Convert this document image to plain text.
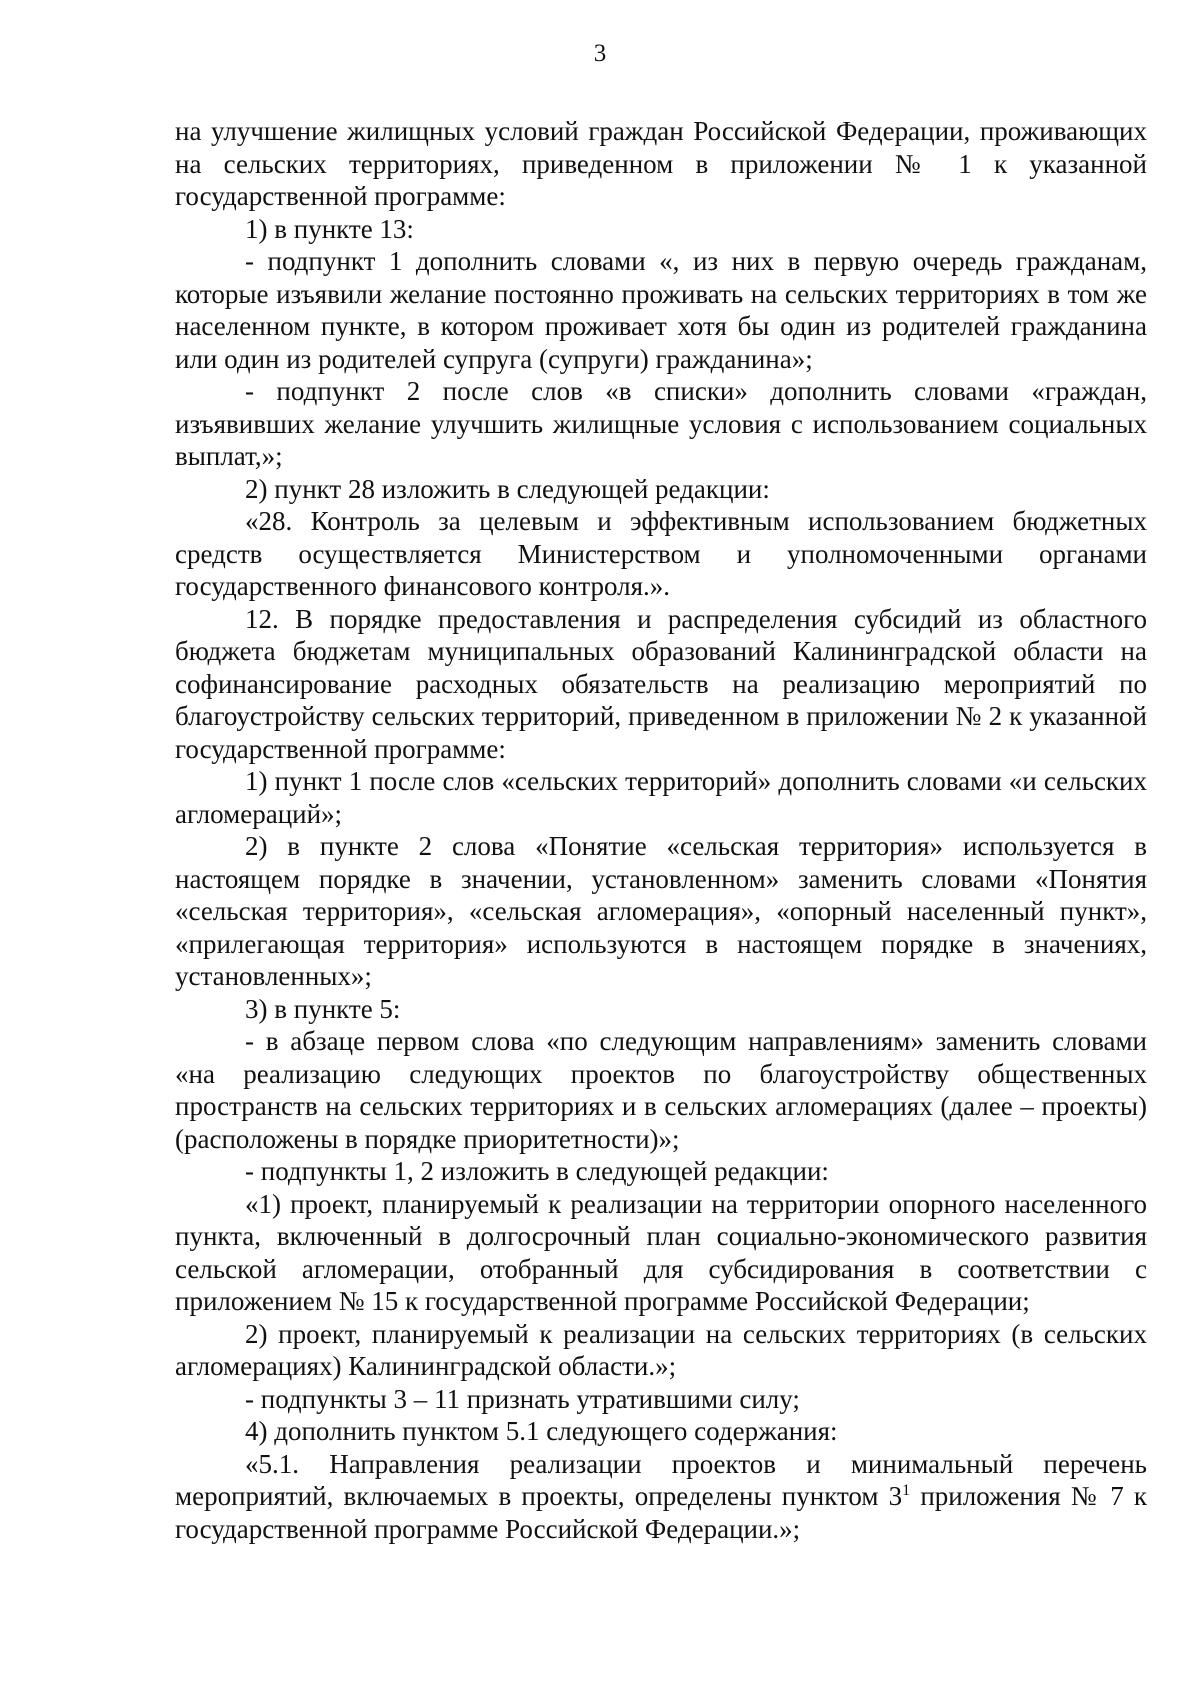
3

на улучшение жилищных условий граждан Российской Федерации, проживающих на сельских территориях, приведенном в приложении № 1 к указанной государственной программе:

1) в пункте 13:

- подпункт 1 дополнить словами «, из них в первую очередь гражданам, которые изъявили желание постоянно проживать на сельских территориях в том же населенном пункте, в котором проживает хотя бы один из родителей гражданина или один из родителей супруга (супруги) гражданина»;

- подпункт 2 после слов «в списки» дополнить словами «граждан, изъявивших желание улучшить жилищные условия с использованием социальных выплат,»;

2) пункт 28 изложить в следующей редакции:

«28. Контроль за целевым и эффективным использованием бюджетных средств осуществляется Министерством и уполномоченными органами государственного финансового контроля.».

12. В порядке предоставления и распределения субсидий из областного бюджета бюджетам муниципальных образований Калининградской области на софинансирование расходных обязательств на реализацию мероприятий по благоустройству сельских территорий, приведенном в приложении № 2 к указанной государственной программе:

1) пункт 1 после слов «сельских территорий» дополнить словами «и сельских агломераций»;

2) в пункте 2 слова «Понятие «сельская территория» используется в настоящем порядке в значении, установленном» заменить словами «Понятия «сельская территория», «сельская агломерация», «опорный населенный пункт», «прилегающая территория» используются в настоящем порядке в значениях, установленных»;

3) в пункте 5:

- в абзаце первом слова «по следующим направлениям» заменить словами «на реализацию следующих проектов по благоустройству общественных пространств на сельских территориях и в сельских агломерациях (далее – проекты) (расположены в порядке приоритетности)»;

- подпункты 1, 2 изложить в следующей редакции:

«1) проект, планируемый к реализации на территории опорного населенного пункта, включенный в долгосрочный план социально-экономического развития сельской агломерации, отобранный для субсидирования в соответствии с приложением № 15 к государственной программе Российской Федерации;

2) проект, планируемый к реализации на сельских территориях (в сельских агломерациях) Калининградской области.»;

- подпункты 3 – 11 признать утратившими силу;

4) дополнить пунктом 5.1 следующего содержания:

«5.1. Направления реализации проектов и минимальный перечень мероприятий, включаемых в проекты, определены пунктом $3^1$ приложения № 7 к государственной программе Российской Федерации.»;
